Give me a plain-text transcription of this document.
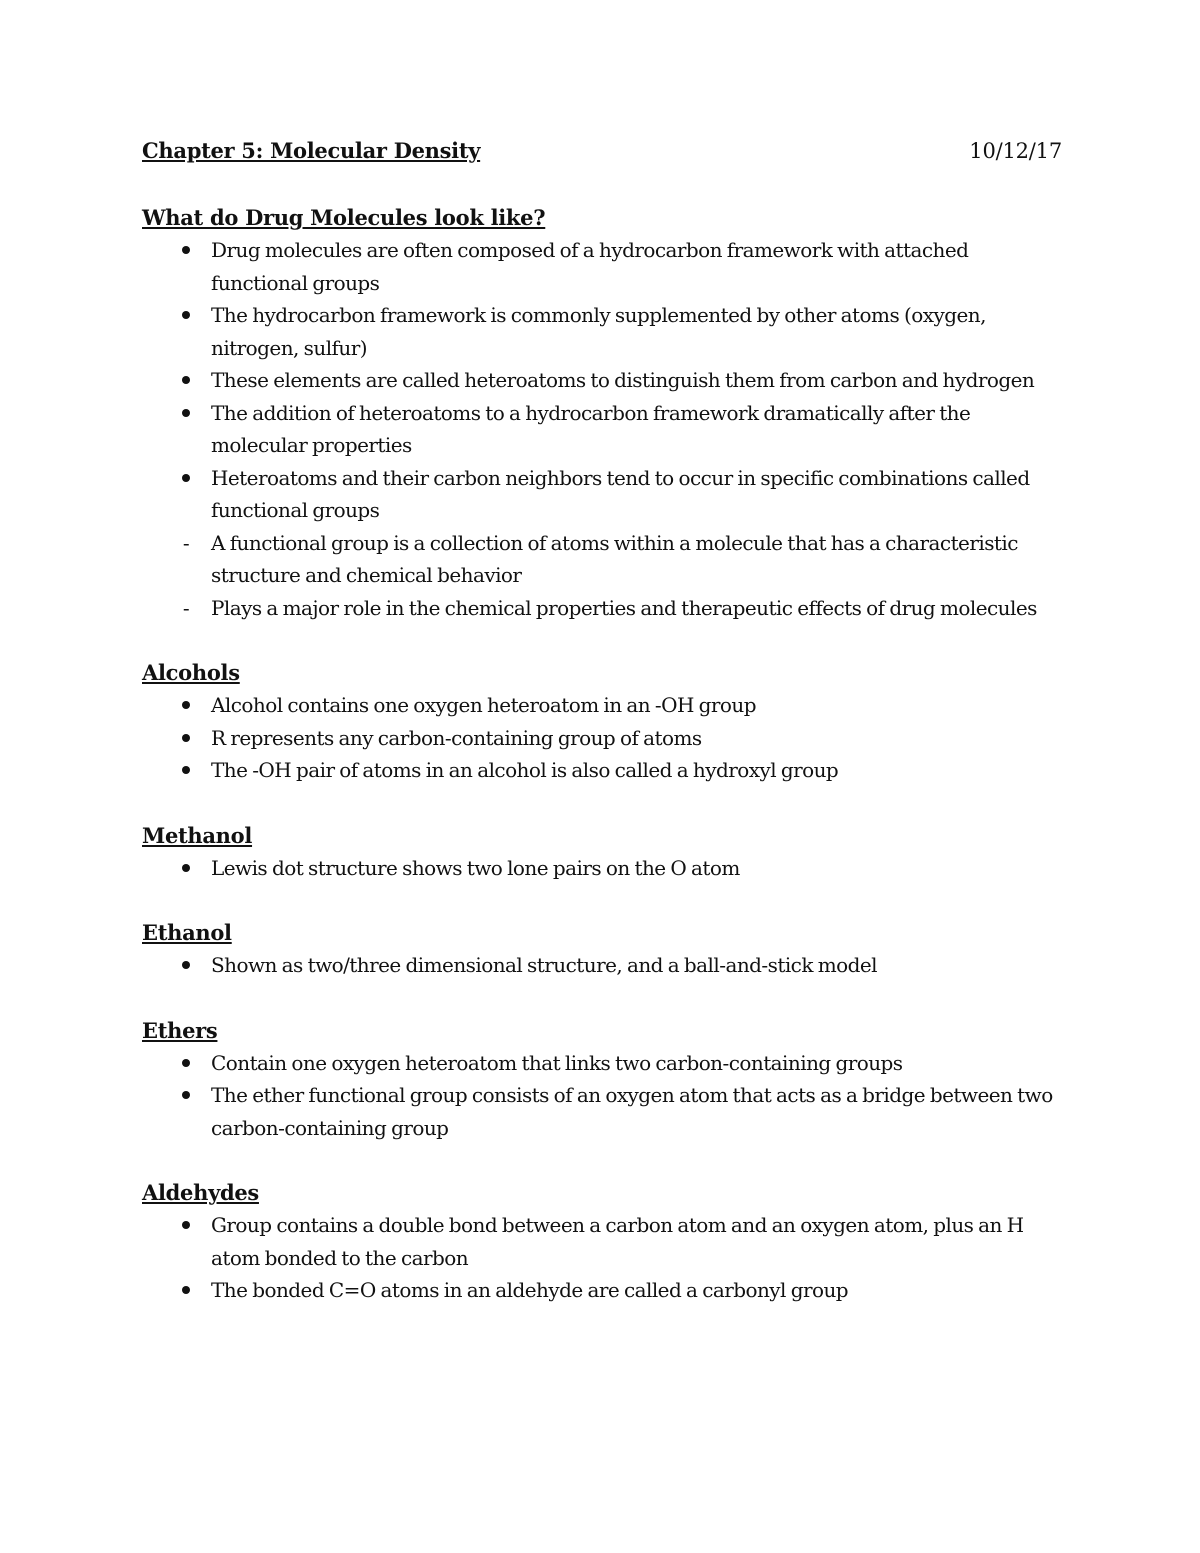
Chapter 5: Molecular Density	10/12/17
What do Drug Molecules look like?
Drug molecules are often composed of a hydrocarbon framework with attached functional groups
The hydrocarbon framework is commonly supplemented by other atoms (oxygen, nitrogen, sulfur)
These elements are called heteroatoms to distinguish them from carbon and hydrogen
The addition of heteroatoms to a hydrocarbon framework dramatically after the molecular properties
Heteroatoms and their carbon neighbors tend to occur in specific combinations called functional groups
-
A functional group is a collection of atoms within a molecule that has a characteristic structure and chemical behavior
-
Plays a major role in the chemical properties and therapeutic effects of drug molecules
Alcohols
Alcohol contains one oxygen heteroatom in an -OH group
R represents any carbon-containing group of atoms
The -OH pair of atoms in an alcohol is also called a hydroxyl group
Methanol
Lewis dot structure shows two lone pairs on the O atom
Ethanol
Shown as two/three dimensional structure, and a ball-and-stick model
Ethers
Contain one oxygen heteroatom that links two carbon-containing groups
The ether functional group consists of an oxygen atom that acts as a bridge between two carbon-containing group
Aldehydes
Group contains a double bond between a carbon atom and an oxygen atom, plus an H atom bonded to the carbon
The bonded C=O atoms in an aldehyde are called a carbonyl group
